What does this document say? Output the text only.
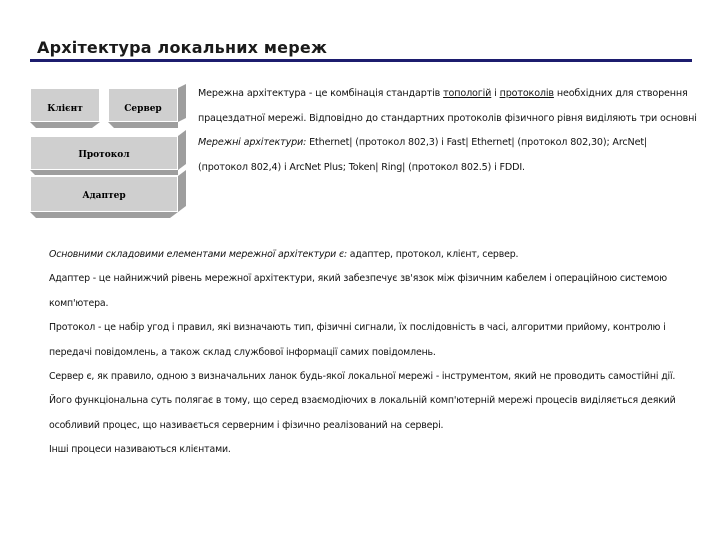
Архітектура локальних мереж
Клієнт	Сервер
Протокол
Адаптер

Мережна архітектура - це комбінація стандартів топологій і протоколів необхідних для створення
працездатної мережі. Відповідно до стандартних протоколів фізичного рівня виділяють три основні
Мережні архітектури: Ethernet| (протокол 802,3) і Fast| Ethernet| (протокол 802,30); ArcNet|
(протокол 802,4) і ArcNet Plus; Token| Ring| (протокол 802.5) і FDDI.

Основними складовими елементами мережної архітектури є: адаптер, протокол, клієнт, сервер.

Адаптер - це найнижчий рівень мережної архітектури, який забезпечує зв'язок між фізичним кабелем і операційною системою
комп'ютера.

Протокол - це набір угод і правил, які визначають тип, фізичні сигнали, їх послідовність в часі, алгоритми прийому, контролю і
передачі повідомлень, а також склад службової інформації самих повідомлень.

Сервер є, як правило, одною з визначальних ланок будь-якої локальної мережі - інструментом, який не проводить самостійні дії.
Його функціональна суть полягає в тому, що серед взаємодіючих в локальній комп'ютерній мережі процесів виділяється деякий
особливий процес, що називається серверним і фізично реалізований на сервері.

Інші процеси називаються клієнтами.
